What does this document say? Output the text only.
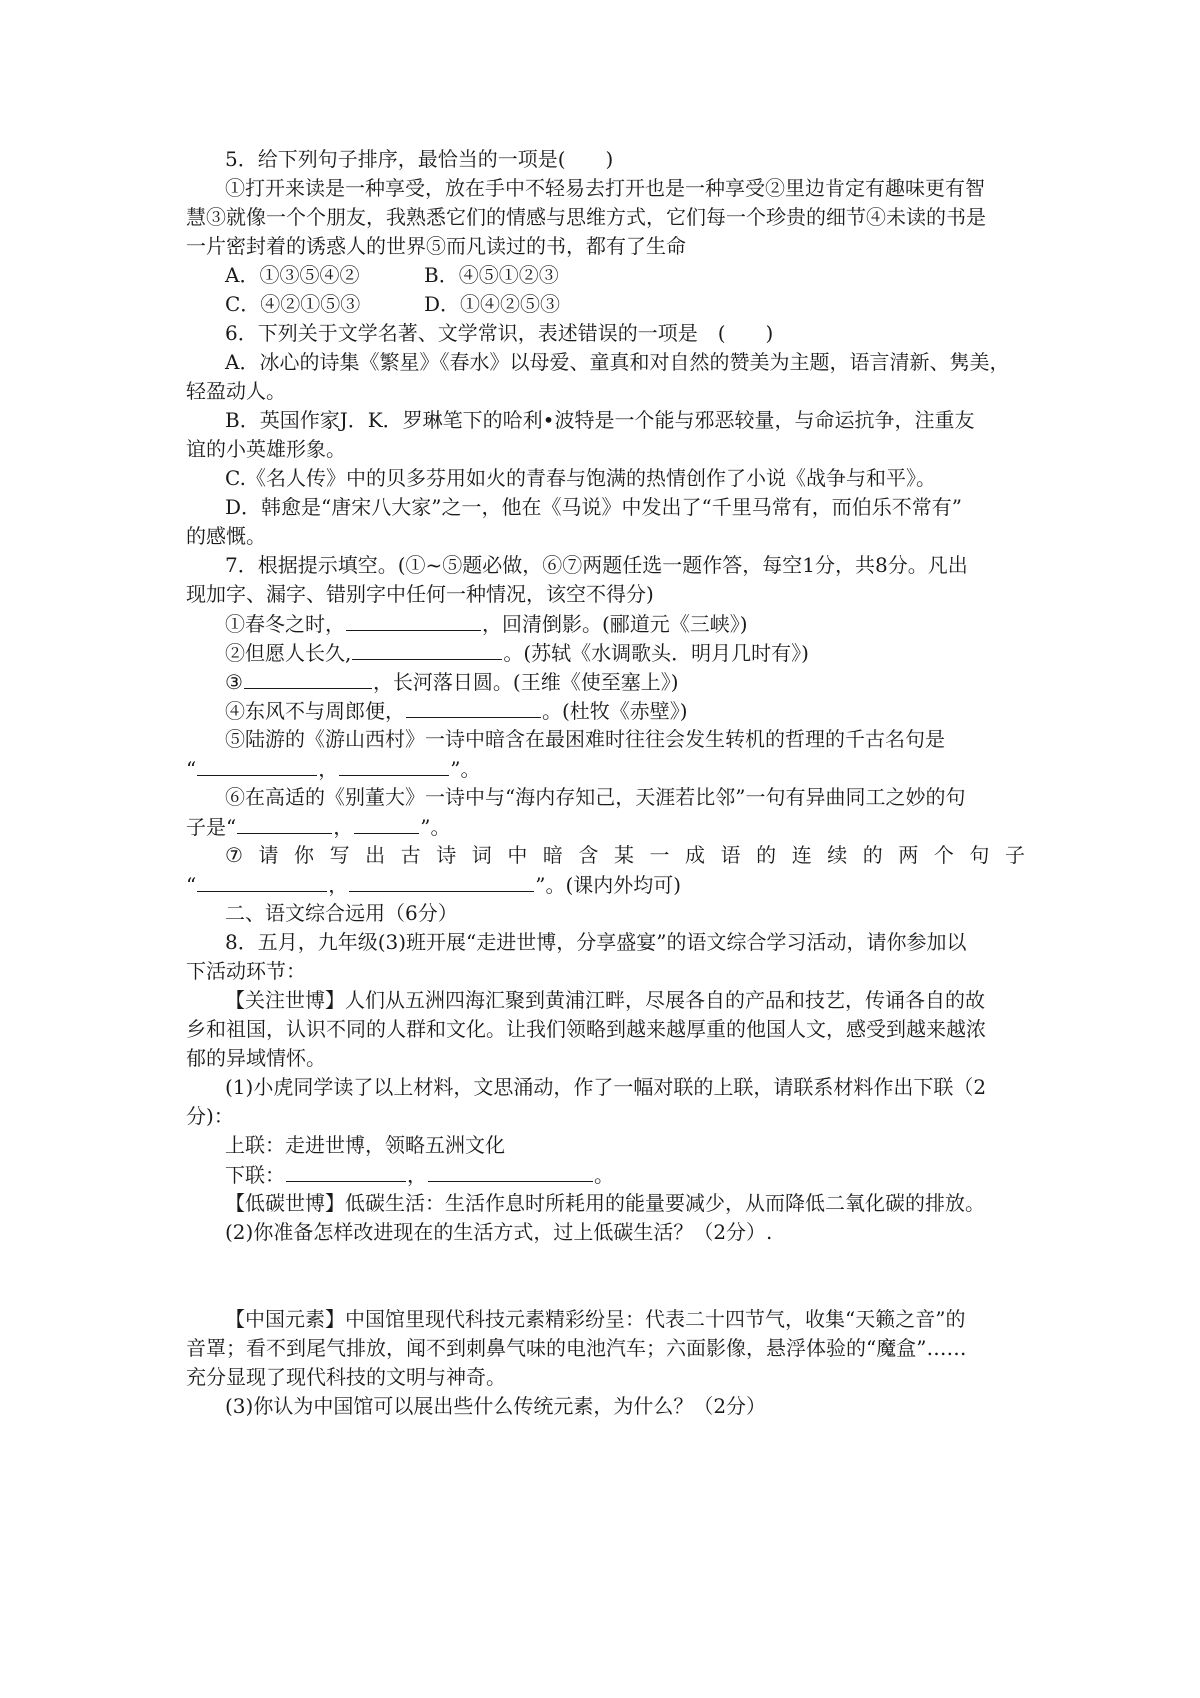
5．给下列句子排序，最恰当的一项是(　　)
①打开来读是一种享受，放在手中不轻易去打开也是一种享受②里边肯定有趣味更有智
慧③就像一个个朋友，我熟悉它们的情感与思维方式，它们每一个珍贵的细节④未读的书是
一片密封着的诱惑人的世界⑤而凡读过的书，都有了生命
A．①③⑤④②	B．④⑤①②③
C．④②①⑤③	D．①④②⑤③
6．下列关于文学名著、文学常识，表述错误的一项是　(　　)
A．冰心的诗集《繁星》《春水》以母爱、童真和对自然的赞美为主题，语言清新、隽美，
轻盈动人。
B．英国作家J．K．罗琳笔下的哈利•波特是一个能与邪恶较量，与命运抗争，注重友
谊的小英雄形象。
C.《名人传》中的贝多芬用如火的青春与饱满的热情创作了小说《战争与和平》。
D．韩愈是“唐宋八大家”之一，他在《马说》中发出了“千里马常有，而伯乐不常有”
的感慨。
7．根据提示填空。(①~⑤题必做，⑥⑦两题任选一题作答，每空1分，共8分。凡出
现加字、漏字、错别字中任何一种情况，该空不得分)
①春冬之时，	，回清倒影。(郦道元《三峡》)
②但愿人长久,	。(苏轼《水调歌头．明月几时有》)
③	，长河落日圆。(王维《使至塞上》)
④东风不与周郎便，	。(杜牧《赤壁》)
⑤陆游的《游山西村》一诗中暗含在最困难时往往会发生转机的哲理的千古名句是
“	，	”。
⑥在高适的《别董大》一诗中与“海内存知己，天涯若比邻”一句有异曲同工之妙的句
子是“	，	”。
⑦ 请 你 写 出 古 诗 词 中 暗 含 某 一 成 语 的 连 续 的 两 个 句 子
“	，	”。(课内外均可)
二、语文综合远用（6分）
8．五月，九年级(3)班开展“走进世博，分享盛宴”的语文综合学习活动，请你参加以
下活动环节：
【关注世博】人们从五洲四海汇聚到黄浦江畔，尽展各自的产品和技艺，传诵各自的故
乡和祖国，认识不同的人群和文化。让我们领略到越来越厚重的他国人文，感受到越来越浓
郁的异域情怀。
(1)小虎同学读了以上材料，文思涌动，作了一幅对联的上联，请联系材料作出下联（2
分)：
上联：走进世博，领略五洲文化
下联：	，	。
【低碳世博】低碳生活：生活作息时所耗用的能量要减少，从而降低二氧化碳的排放。
(2)你准备怎样改进现在的生活方式，过上低碳生活？（2分）.
【中国元素】中国馆里现代科技元素精彩纷呈：代表二十四节气，收集“天籁之音”的
音罩；看不到尾气排放，闻不到刺鼻气味的电池汽车；六面影像，悬浮体验的“魔盒”……
充分显现了现代科技的文明与神奇。
(3)你认为中国馆可以展出些什么传统元素，为什么？（2分）
